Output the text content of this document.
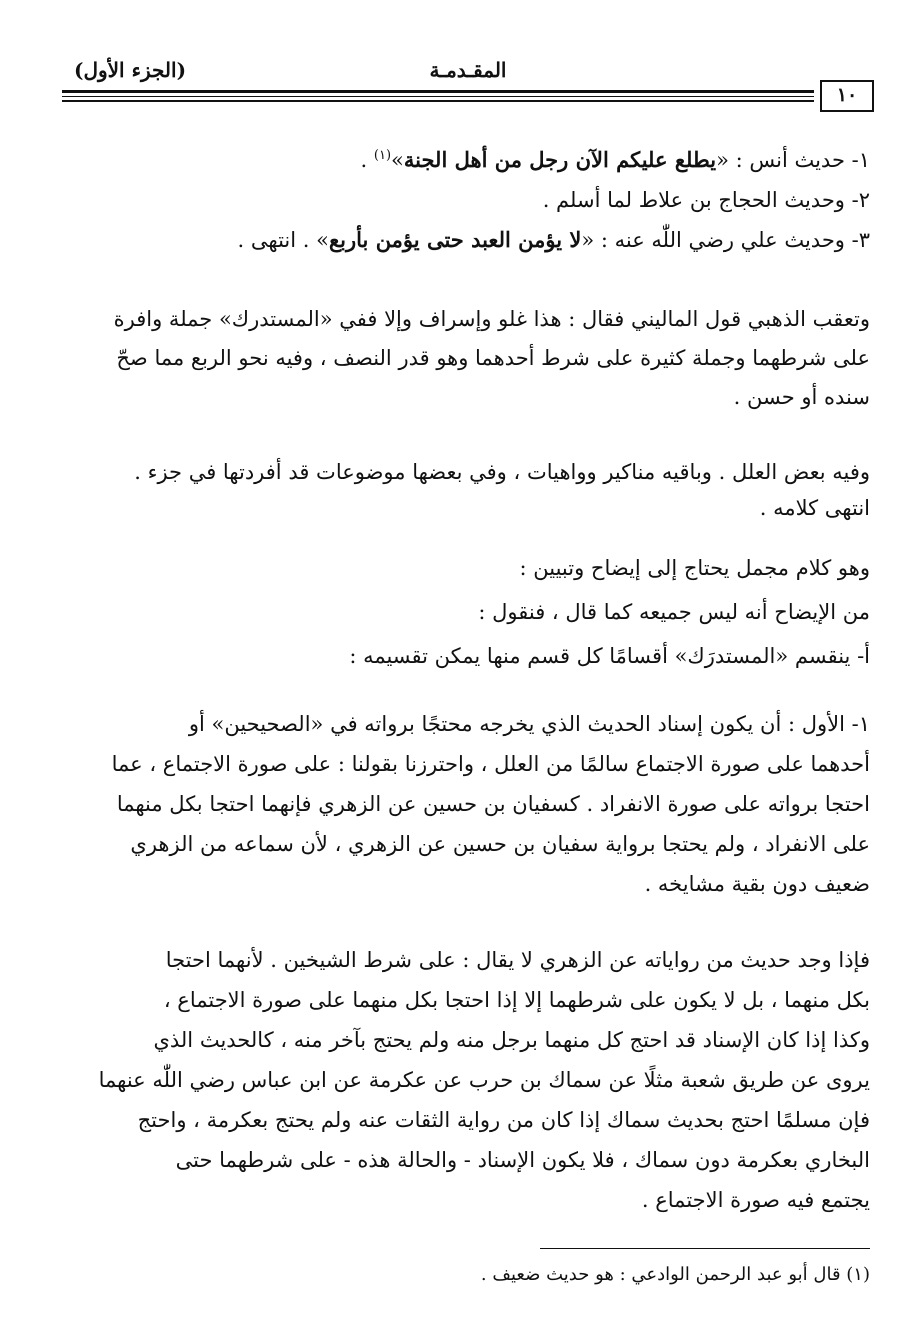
(الجزء الأول)	المقـدمـة
١٠
١- حديث أنس : «يطلع عليكم الآن رجل من أهل الجنة»$^{(١)}$ .
٢- وحديث الحجاج بن علاط لما أسلم .
٣- وحديث علي رضي اللّٰه عنه : «لا يؤمن العبد حتى يؤمن بأربع» . انتهى .
وتعقب الذهبي قول الماليني فقال : هذا غلو وإسراف وإلا ففي «المستدرك» جملة وافرة
على شرطهما وجملة كثيرة على شرط أحدهما وهو قدر النصف ، وفيه نحو الربع مما صحّ
سنده أو حسن .
وفيه بعض العلل . وباقيه مناكير وواهيات ، وفي بعضها موضوعات قد أفردتها في جزء .
انتهى كلامه .
وهو كلام مجمل يحتاج إلى إيضاح وتبيين :
من الإيضاح أنه ليس جميعه كما قال ، فنقول :
أ- ينقسم «المستدرَك» أقسامًا كل قسم منها يمكن تقسيمه :
١- الأول : أن يكون إسناد الحديث الذي يخرجه محتجًا برواته في «الصحيحين» أو
أحدهما على صورة الاجتماع سالمًا من العلل ، واحترزنا بقولنا : على صورة الاجتماع ، عما
احتجا برواته على صورة الانفراد . كسفيان بن حسين عن الزهري فإنهما احتجا بكل منهما
على الانفراد ، ولم يحتجا برواية سفيان بن حسين عن الزهري ، لأن سماعه من الزهري
ضعيف دون بقية مشايخه .
فإذا وجد حديث من رواياته عن الزهري لا يقال : على شرط الشيخين . لأنهما احتجا
بكل منهما ، بل لا يكون على شرطهما إلا إذا احتجا بكل منهما على صورة الاجتماع ،
وكذا إذا كان الإسناد قد احتج كل منهما برجل منه ولم يحتج بآخر منه ، كالحديث الذي
يروى عن طريق شعبة مثلًا عن سماك بن حرب عن عكرمة عن ابن عباس رضي اللّٰه عنهما
فإن مسلمًا احتج بحديث سماك إذا كان من رواية الثقات عنه ولم يحتج بعكرمة ، واحتج
البخاري بعكرمة دون سماك ، فلا يكون الإسناد - والحالة هذه - على شرطهما حتى
يجتمع فيه صورة الاجتماع .
(١) قال أبو عبد الرحمن الوادعي : هو حديث ضعيف .
